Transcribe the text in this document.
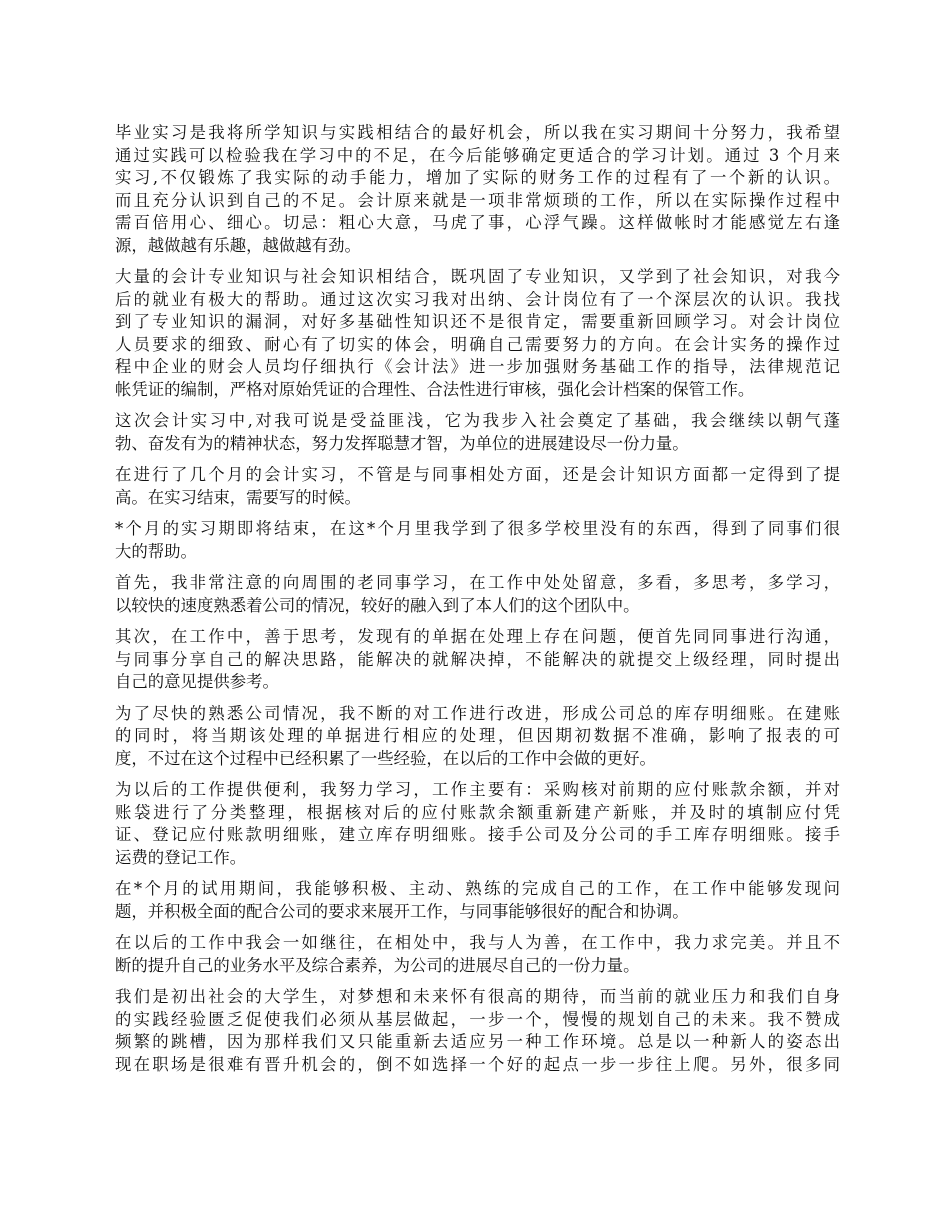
毕业实习是我将所学知识与实践相结合的最好机会，所以我在实习期间十分努力，我希望
通过实践可以检验我在学习中的不足，在今后能够确定更适合的学习计划。通过 3 个月来
实习,不仅锻炼了我实际的动手能力，增加了实际的财务工作的过程有了一个新的认识。
而且充分认识到自己的不足。会计原来就是一项非常烦琐的工作，所以在实际操作过程中
需百倍用心、细心。切忌：粗心大意，马虎了事，心浮气躁。这样做帐时才能感觉左右逢
源，越做越有乐趣，越做越有劲。

大量的会计专业知识与社会知识相结合，既巩固了专业知识，又学到了社会知识，对我今
后的就业有极大的帮助。通过这次实习我对出纳、会计岗位有了一个深层次的认识。我找
到了专业知识的漏洞，对好多基础性知识还不是很肯定，需要重新回顾学习。对会计岗位
人员要求的细致、耐心有了切实的体会，明确自己需要努力的方向。在会计实务的操作过
程中企业的财会人员均仔细执行《会计法》进一步加强财务基础工作的指导，法律规范记
帐凭证的编制，严格对原始凭证的合理性、合法性进行审核，强化会计档案的保管工作。

这次会计实习中,对我可说是受益匪浅，它为我步入社会奠定了基础，我会继续以朝气蓬
勃、奋发有为的精神状态，努力发挥聪慧才智，为单位的进展建设尽一份力量。

在进行了几个月的会计实习，不管是与同事相处方面，还是会计知识方面都一定得到了提
高。在实习结束，需要写的时候。

*个月的实习期即将结束，在这*个月里我学到了很多学校里没有的东西，得到了同事们很
大的帮助。

首先，我非常注意的向周围的老同事学习，在工作中处处留意，多看，多思考，多学习，
以较快的速度熟悉着公司的情况，较好的融入到了本人们的这个团队中。

其次，在工作中，善于思考，发现有的单据在处理上存在问题，便首先同同事进行沟通，
与同事分享自己的解决思路，能解决的就解决掉，不能解决的就提交上级经理，同时提出
自己的意见提供参考。

为了尽快的熟悉公司情况，我不断的对工作进行改进，形成公司总的库存明细账。在建账
的同时，将当期该处理的单据进行相应的处理，但因期初数据不准确，影响了报表的可
度，不过在这个过程中已经积累了一些经验，在以后的工作中会做的更好。

为以后的工作提供便利，我努力学习，工作主要有：采购核对前期的应付账款余额，并对
账袋进行了分类整理，根据核对后的应付账款余额重新建产新账，并及时的填制应付凭
证、登记应付账款明细账，建立库存明细账。接手公司及分公司的手工库存明细账。接手
运费的登记工作。

在*个月的试用期间，我能够积极、主动、熟练的完成自己的工作，在工作中能够发现问
题，并积极全面的配合公司的要求来展开工作，与同事能够很好的配合和协调。

在以后的工作中我会一如继往，在相处中，我与人为善，在工作中，我力求完美。并且不
断的提升自己的业务水平及综合素养，为公司的进展尽自己的一份力量。

我们是初出社会的大学生，对梦想和未来怀有很高的期待，而当前的就业压力和我们自身
的实践经验匮乏促使我们必须从基层做起，一步一个，慢慢的规划自己的未来。我不赞成
频繁的跳槽，因为那样我们又只能重新去适应另一种工作环境。总是以一种新人的姿态出
现在职场是很难有晋升机会的，倒不如选择一个好的起点一步一步往上爬。另外，很多同
